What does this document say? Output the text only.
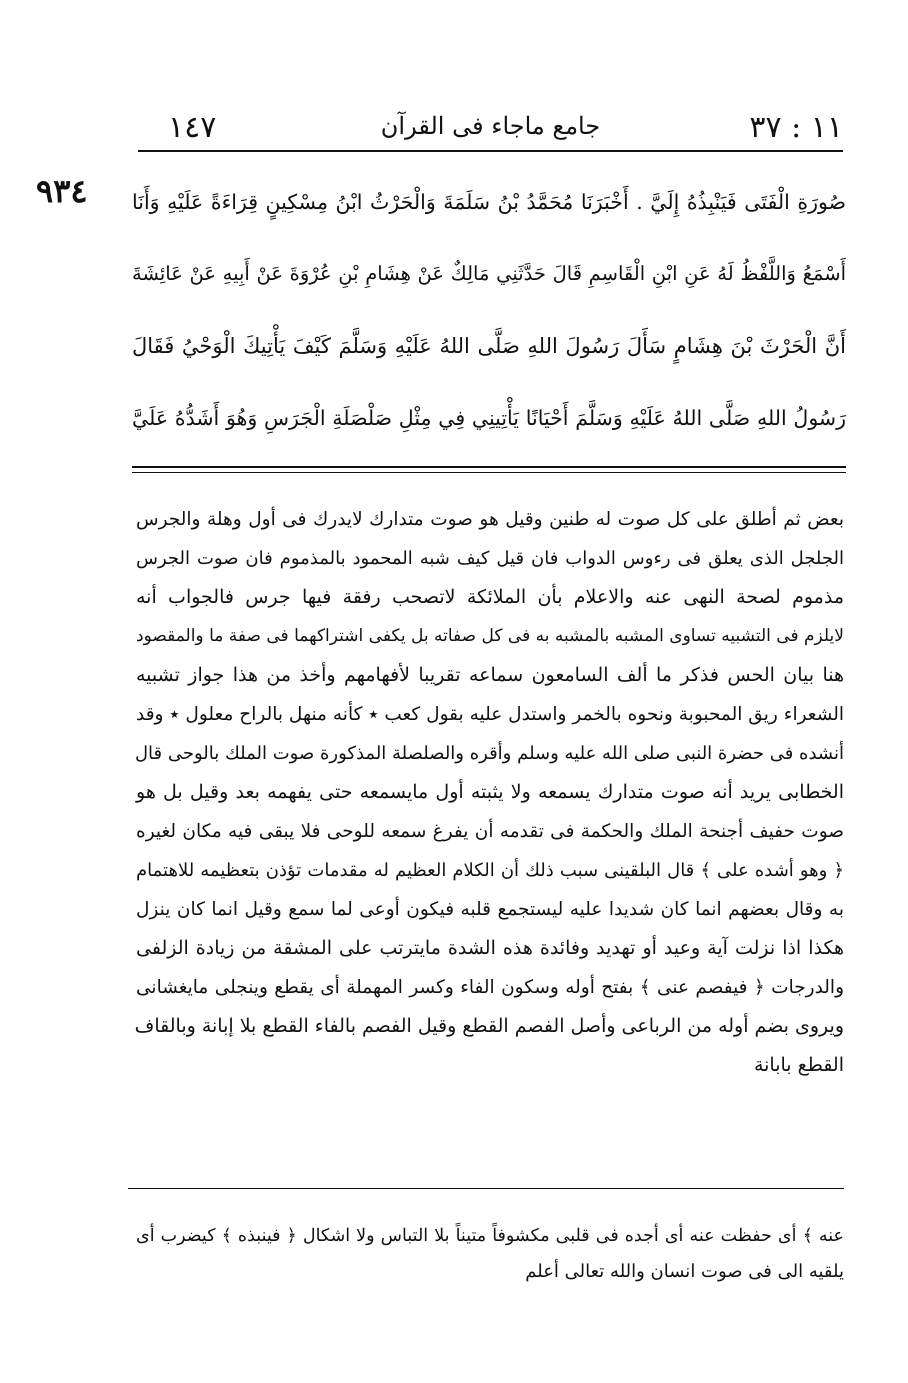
١٤٧	جامع ماجاء فى القرآن	١١ : ٣٧
٩٣٤ صُورَةِ الْفَتَى فَيَنْبِذُهُ إِلَيَّ . أَخْبَرَنَا مُحَمَّدُ بْنُ سَلَمَةَ وَالْحَرْثُ ابْنُ مِسْكِينٍ قِرَاءَةً عَلَيْهِ وَأَنَا
أَسْمَعُ وَاللَّفْظُ لَهُ عَنِ ابْنِ الْقَاسِمِ قَالَ حَدَّثَنِي مَالِكٌ عَنْ هِشَامِ بْنِ عُرْوَةَ عَنْ أَبِيهِ عَنْ عَائِشَةَ
أَنَّ الْحَرْثَ بْنَ هِشَامٍ سَأَلَ رَسُولَ اللهِ صَلَّى اللهُ عَلَيْهِ وَسَلَّمَ كَيْفَ يَأْتِيكَ الْوَحْيُ فَقَالَ
رَسُولُ اللهِ صَلَّى اللهُ عَلَيْهِ وَسَلَّمَ أَحْيَانًا يَأْتِينِي فِي مِثْلِ صَلْصَلَةِ الْجَرَسِ وَهُوَ أَشَدُّهُ عَلَيَّ
بعض ثم أطلق على كل صوت له طنين وقيل هو صوت متدارك لايدرك فى أول وهلة والجرس
الجلجل الذى يعلق فى رءوس الدواب فان قيل كيف شبه المحمود بالمذموم فان صوت الجرس
مذموم لصحة النهى عنه والاعلام بأن الملائكة لاتصحب رفقة فيها جرس فالجواب أنه
لايلزم فى التشبيه تساوى المشبه بالمشبه به فى كل صفاته بل يكفى اشتراكهما فى صفة ما والمقصود
هنا بيان الحس فذكر ما ألف السامعون سماعه تقريبا لأفهامهم وأخذ من هذا جواز تشبيه
الشعراء ريق المحبوبة ونحوه بالخمر واستدل عليه بقول كعب ٭ كأنه منهل بالراح معلول ٭ وقد
أنشده فى حضرة النبى صلى الله عليه وسلم وأقره والصلصلة المذكورة صوت الملك بالوحى قال
الخطابى يريد أنه صوت متدارك يسمعه ولا يثبته أول مايسمعه حتى يفهمه بعد وقيل بل هو
صوت حفيف أجنحة الملك والحكمة فى تقدمه أن يفرغ سمعه للوحى فلا يبقى فيه مكان لغيره
﴿ وهو أشده على ﴾ قال البلقينى سبب ذلك أن الكلام العظيم له مقدمات تؤذن بتعظيمه للاهتمام
به وقال بعضهم انما كان شديدا عليه ليستجمع قلبه فيكون أوعى لما سمع وقيل انما كان ينزل
هكذا اذا نزلت آية وعيد أو تهديد وفائدة هذه الشدة مايترتب على المشقة من زيادة الزلفى
والدرجات ﴿ فيفصم عنى ﴾ بفتح أوله وسكون الفاء وكسر المهملة أى يقطع وينجلى مايغشانى
ويروى بضم أوله من الرباعى وأصل الفصم القطع وقيل الفصم بالفاء القطع بلا إبانة وبالقاف
القطع بابانة
عنه ﴾ أى حفظت عنه أى أجده فى قلبى مكشوفاً متيناً بلا التباس ولا اشكال ﴿ فينبذه ﴾ كيضرب أى
يلقيه الى فى صوت انسان والله تعالى أعلم
